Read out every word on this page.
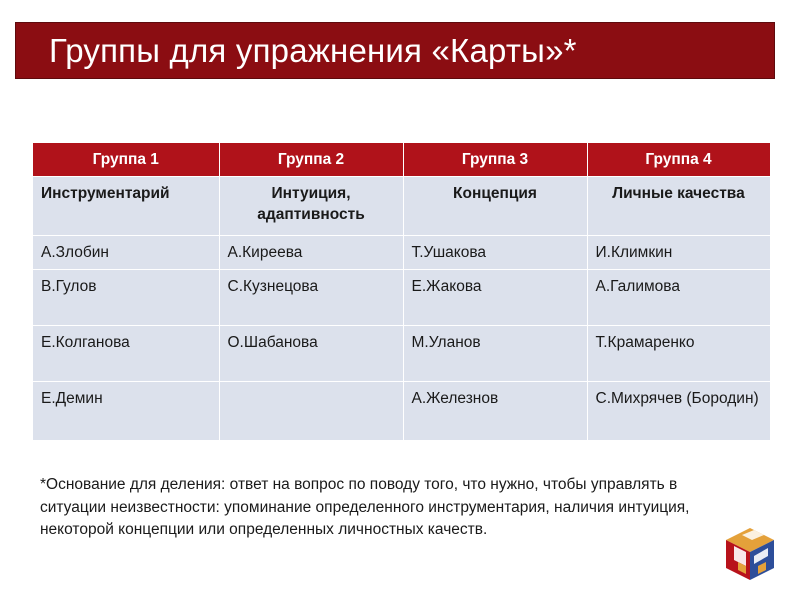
Группы для упражнения «Карты»*
Группа 1	Группа 2	Группа 3	Группа 4
Инструментарий	Интуиция, адаптивность	Концепция	Личные качества
А.Злобин	А.Киреева	Т.Ушакова	И.Климкин
В.Гулов	С.Кузнецова	Е.Жакова	А.Галимова
Е.Колганова	О.Шабанова	М.Уланов	Т.Крамаренко
Е.Демин		А.Железнов	С.Михрячев (Бородин)
*Основание для деления: ответ на вопрос по поводу того, что нужно, чтобы управлять в ситуации неизвестности: упоминание определенного инструментария, наличия интуиция, некоторой концепции или определенных личностных качеств.
